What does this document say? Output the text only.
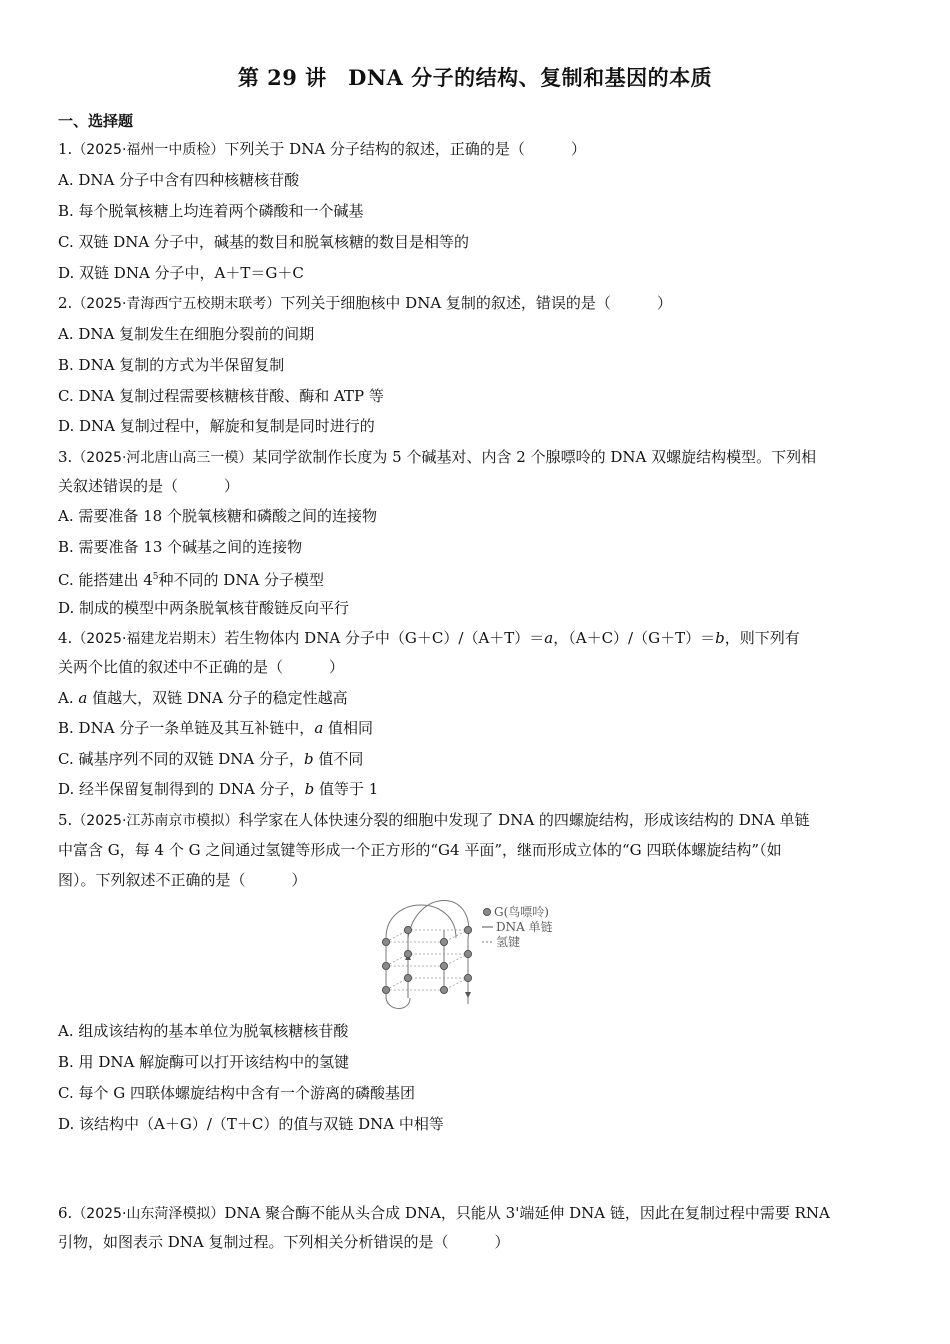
第 29 讲　DNA 分子的结构、复制和基因的本质
一、选择题
1.（2025·福州一中质检）下列关于 DNA 分子结构的叙述，正确的是（	）
A. DNA 分子中含有四种核糖核苷酸
B. 每个脱氧核糖上均连着两个磷酸和一个碱基
C. 双链 DNA 分子中，碱基的数目和脱氧核糖的数目是相等的
D. 双链 DNA 分子中，A＋T＝G＋C
2.（2025·青海西宁五校期末联考）下列关于细胞核中 DNA 复制的叙述，错误的是（	）
A. DNA 复制发生在细胞分裂前的间期
B. DNA 复制的方式为半保留复制
C. DNA 复制过程需要核糖核苷酸、酶和 ATP 等
D. DNA 复制过程中，解旋和复制是同时进行的
3.（2025·河北唐山高三一模）某同学欲制作长度为 5 个碱基对、内含 2 个腺嘌呤的 DNA 双螺旋结构模型。下列相
关叙述错误的是（	）
A. 需要准备 18 个脱氧核糖和磷酸之间的连接物
B. 需要准备 13 个碱基之间的连接物
C. 能搭建出 $4^5$种不同的 DNA 分子模型
D. 制成的模型中两条脱氧核苷酸链反向平行
4.（2025·福建龙岩期末）若生物体内 DNA 分子中（G＋C）/（A＋T）＝a，（A＋C）/（G＋T）＝b，则下列有
关两个比值的叙述中不正确的是（	）
A. a 值越大，双链 DNA 分子的稳定性越高
B. DNA 分子一条单链及其互补链中，a 值相同
C. 碱基序列不同的双链 DNA 分子，b 值不同
D. 经半保留复制得到的 DNA 分子，b 值等于 1
5.（2025·江苏南京市模拟）科学家在人体快速分裂的细胞中发现了 DNA 的四螺旋结构，形成该结构的 DNA 单链
中富含 G，每 4 个 G 之间通过氢键等形成一个正方形的“G4 平面”，继而形成立体的“G 四联体螺旋结构”（如
图）。下列叙述不正确的是（	）
G(鸟嘌呤)
DNA 单链
氢键
A. 组成该结构的基本单位为脱氧核糖核苷酸
B. 用 DNA 解旋酶可以打开该结构中的氢键
C. 每个 G 四联体螺旋结构中含有一个游离的磷酸基团
D. 该结构中（A＋G）/（T＋C）的值与双链 DNA 中相等
6.（2025·山东菏泽模拟）DNA 聚合酶不能从头合成 DNA，只能从 3'端延伸 DNA 链，因此在复制过程中需要 RNA
引物，如图表示 DNA 复制过程。下列相关分析错误的是（	）
